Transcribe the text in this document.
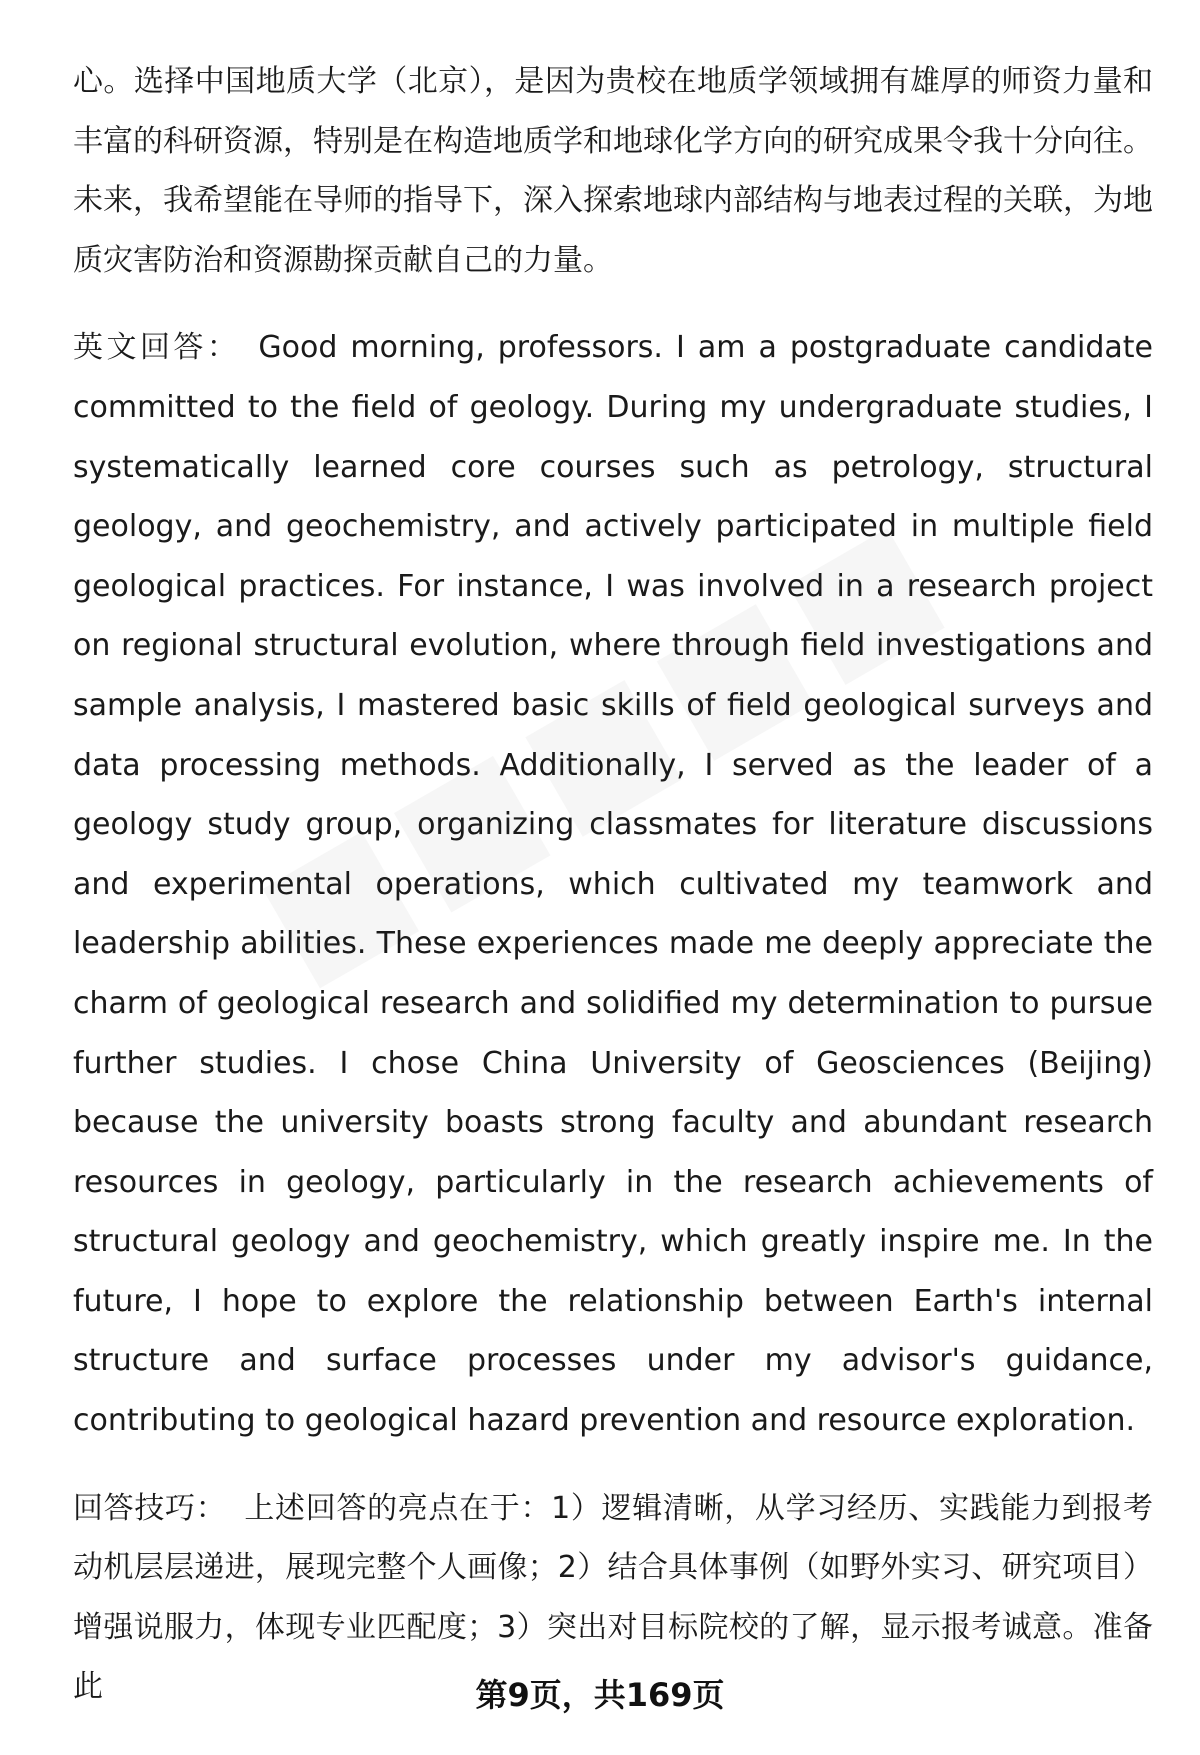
心。选择中国地质大学（北京），是因为贵校在地质学领域拥有雄厚的师资力量和丰富的科研资源，特别是在构造地质学和地球化学方向的研究成果令我十分向往。未来，我希望能在导师的指导下，深入探索地球内部结构与地表过程的关联，为地质灾害防治和资源勘探贡献自己的力量。

英文回答： Good morning, professors. I am a postgraduate candidate committed to the field of geology. During my undergraduate studies, I systematically learned core courses such as petrology, structural geology, and geochemistry, and actively participated in multiple field geological practices. For instance, I was involved in a research project on regional structural evolution, where through field investigations and sample analysis, I mastered basic skills of field geological surveys and data processing methods. Additionally, I served as the leader of a geology study group, organizing classmates for literature discussions and experimental operations, which cultivated my teamwork and leadership abilities. These experiences made me deeply appreciate the charm of geological research and solidified my determination to pursue further studies. I chose China University of Geosciences (Beijing) because the university boasts strong faculty and abundant research resources in geology, particularly in the research achievements of structural geology and geochemistry, which greatly inspire me. In the future, I hope to explore the relationship between Earth's internal structure and surface processes under my advisor's guidance, contributing to geological hazard prevention and resource exploration.

回答技巧： 上述回答的亮点在于：1）逻辑清晰，从学习经历、实践能力到报考动机层层递进，展现完整个人画像；2）结合具体事例（如野外实习、研究项目）增强说服力，体现专业匹配度；3）突出对目标院校的了解，显示报考诚意。准备此	第9页，共169页
